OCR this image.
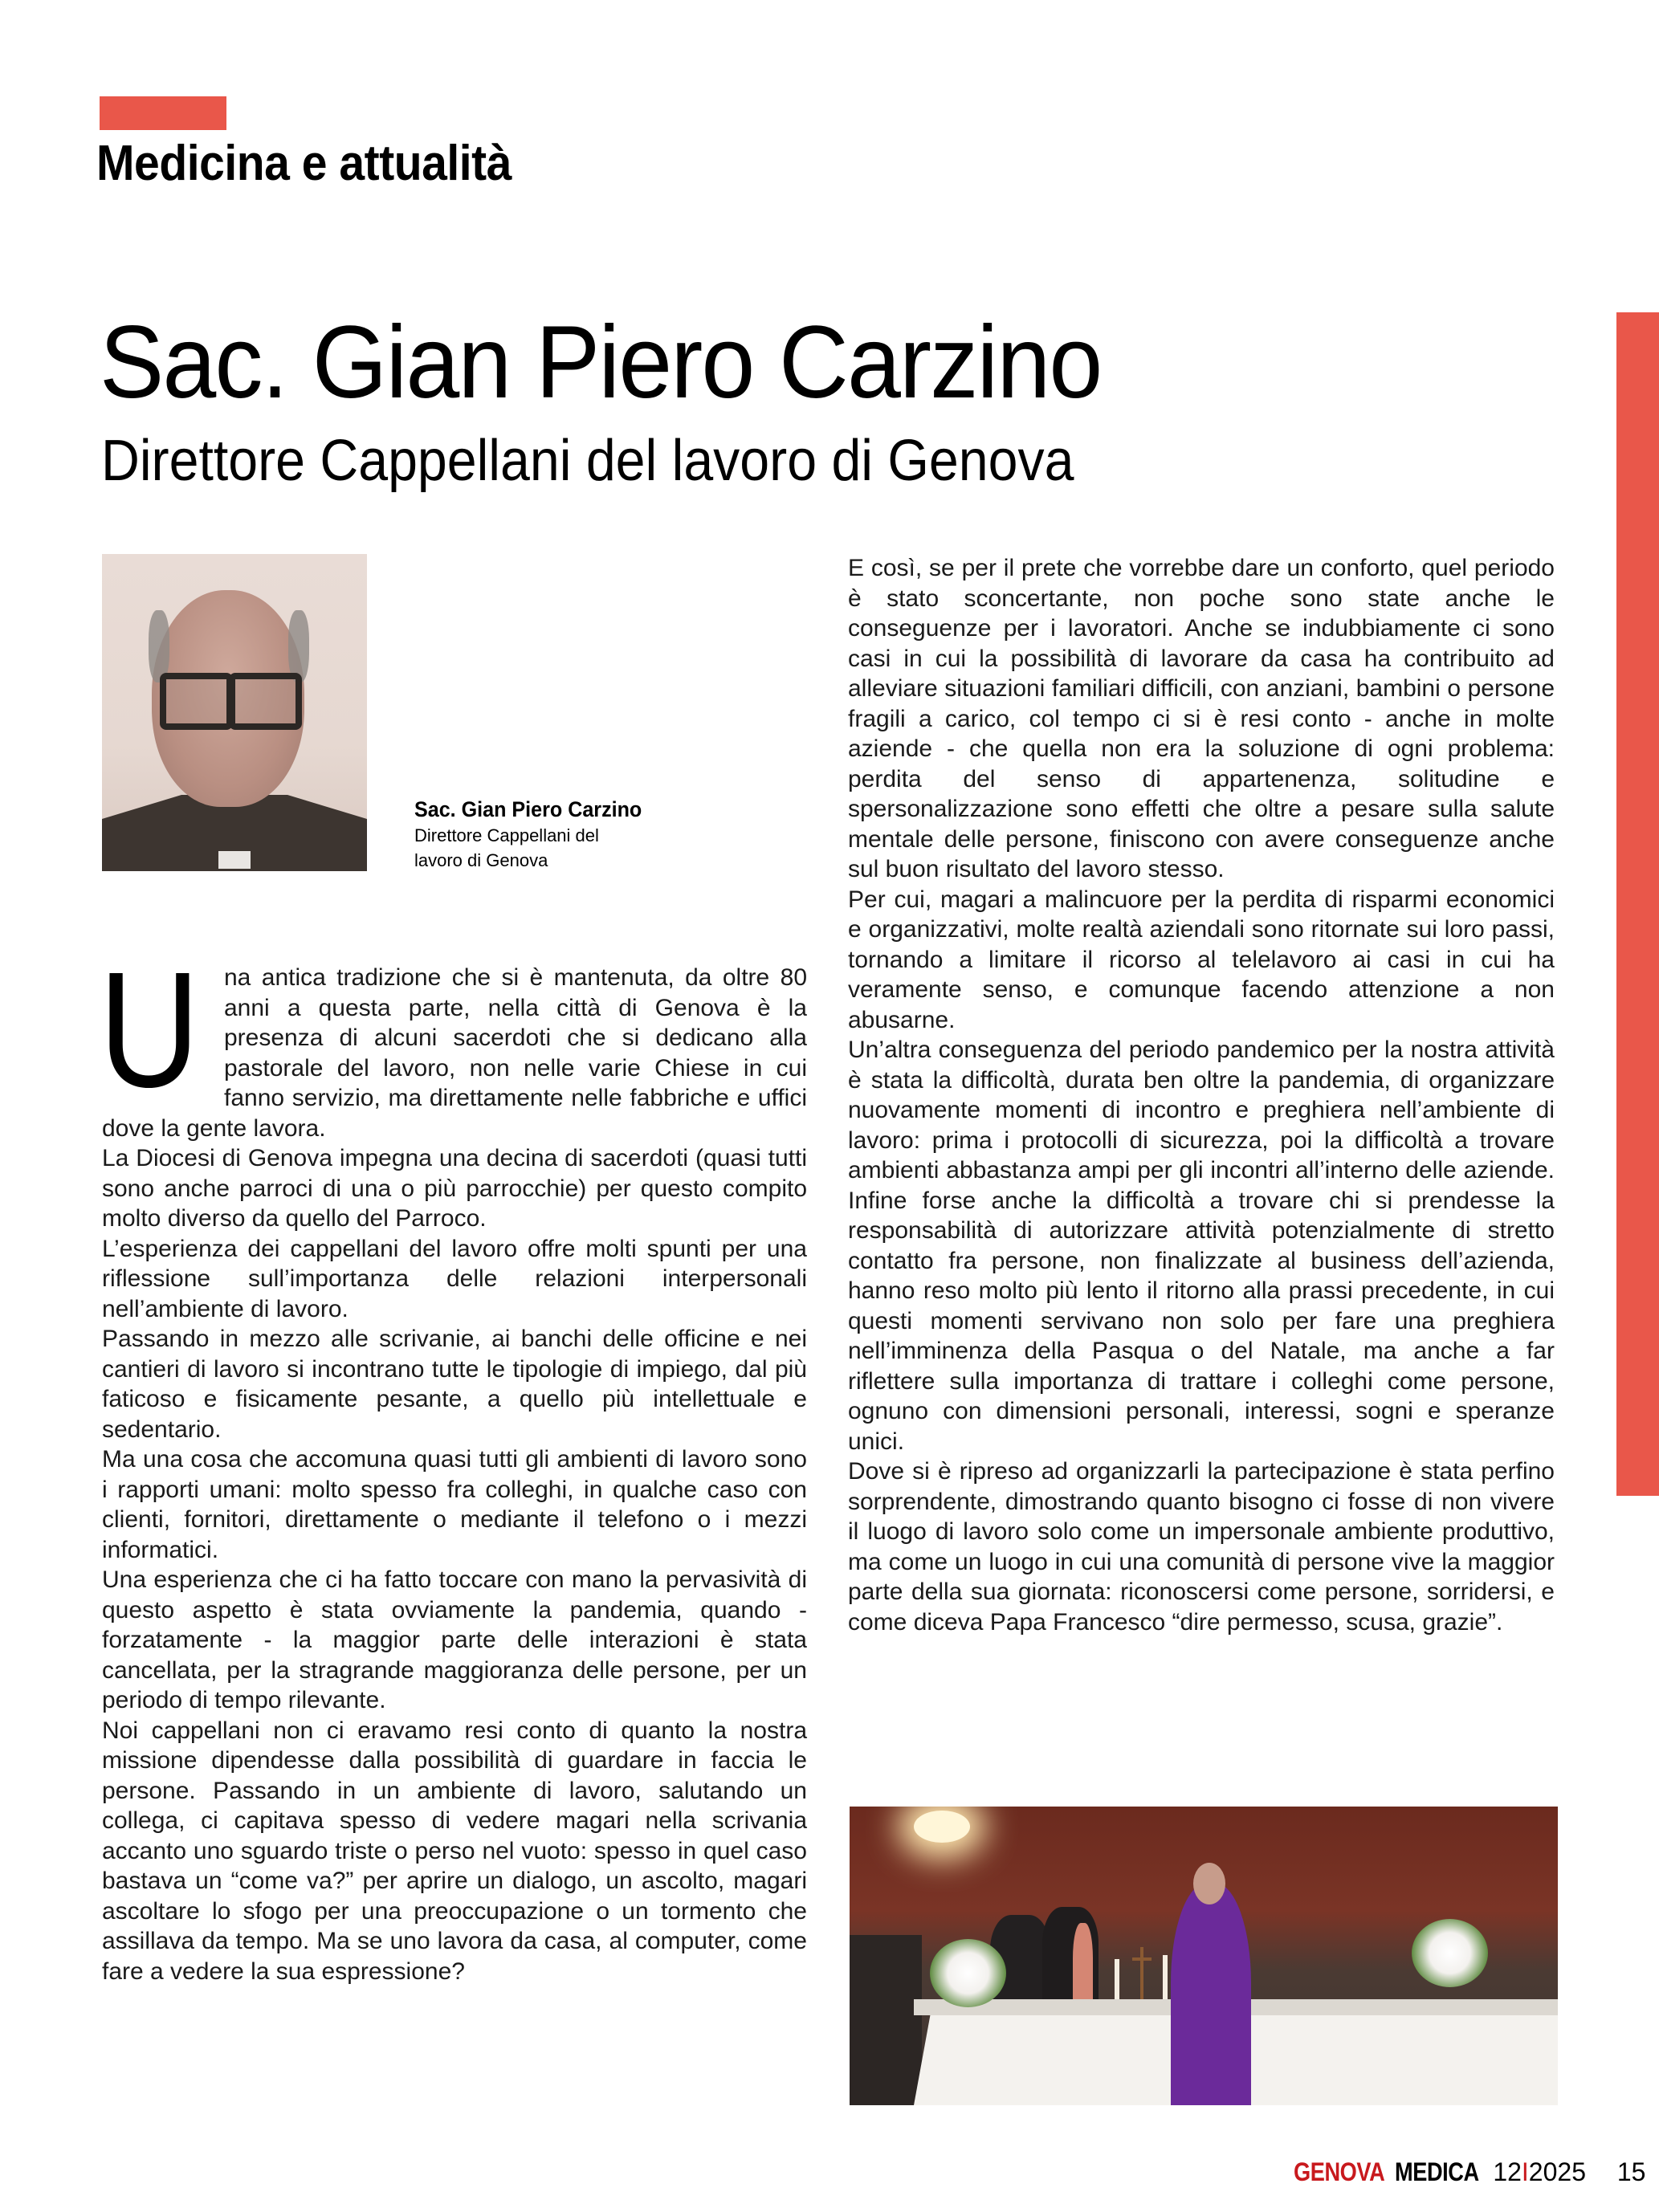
Medicina e attualità
Sac. Gian Piero Carzino
Direttore Cappellani del lavoro di Genova
Sac. Gian Piero Carzino
Direttore Cappellani del
lavoro di Genova
U	na antica tradizione che si è mantenuta, da oltre 80 anni a questa parte, nella città di Genova è la presenza di alcuni sacerdoti che si dedicano alla pastorale del lavoro, non nelle varie Chiese in cui fanno servizio, ma direttamente nelle fabbriche e uffici dove la gente lavora.

La Diocesi di Genova impegna una decina di sacerdoti (quasi tutti sono anche parroci di una o più parrocchie) per questo compito molto diverso da quello del Parroco.

L’esperienza dei cappellani del lavoro offre molti spunti per una riflessione sull’importanza delle relazioni interpersonali nell’ambiente di lavoro.

Passando in mezzo alle scrivanie, ai banchi delle officine e nei cantieri di lavoro si incontrano tutte le tipologie di impiego, dal più faticoso e fisicamente pesante, a quello più intellettuale e sedentario.

Ma una cosa che accomuna quasi tutti gli ambienti di lavoro sono i rapporti umani: molto spesso fra colleghi, in qualche caso con clienti, fornitori, direttamente o mediante il telefono o i mezzi informatici.

Una esperienza che ci ha fatto toccare con mano la pervasività di questo aspetto è stata ovviamente la pandemia, quando - forzatamente - la maggior parte delle interazioni è stata cancellata, per la stragrande maggioranza delle persone, per un periodo di tempo rilevante.

Noi cappellani non ci eravamo resi conto di quanto la nostra missione dipendesse dalla possibilità di guardare in faccia le persone. Passando in un ambiente di lavoro, salutando un collega, ci capitava spesso di vedere magari nella scrivania accanto uno sguardo triste o perso nel vuoto: spesso in quel caso bastava un “come va?” per aprire un dialogo, un ascolto, magari ascoltare lo sfogo per una preoccupazione o un tormento che assillava da tempo. Ma se uno lavora da casa, al computer, come fare a vedere la sua espressione?

E così, se per il prete che vorrebbe dare un conforto, quel periodo è stato sconcertante, non poche sono state anche le conseguenze per i lavoratori. Anche se indubbiamente ci sono casi in cui la possibilità di lavorare da casa ha contribuito ad alleviare situazioni familiari difficili, con anziani, bambini o persone fragili a carico, col tempo ci si è resi conto - anche in molte aziende - che quella non era la soluzione di ogni problema: perdita del senso di appartenenza, solitudine e spersonalizzazione sono effetti che oltre a pesare sulla salute mentale delle persone, finiscono con avere conseguenze anche sul buon risultato del lavoro stesso.

Per cui, magari a malincuore per la perdita di risparmi economici e organizzativi, molte realtà aziendali sono ritornate sui loro passi, tornando a limitare il ricorso al telelavoro ai casi in cui ha veramente senso, e comunque facendo attenzione a non abusarne.

Un’altra conseguenza del periodo pandemico per la nostra attività è stata la difficoltà, durata ben oltre la pandemia, di organizzare nuovamente momenti di incontro e preghiera nell’ambiente di lavoro: prima i protocolli di sicurezza, poi la difficoltà a trovare ambienti abbastanza ampi per gli incontri all’interno delle aziende. Infine forse anche la difficoltà a trovare chi si prendesse la responsabilità di autorizzare attività potenzialmente di stretto contatto fra persone, non finalizzate al business dell’azienda, hanno reso molto più lento il ritorno alla prassi precedente, in cui questi momenti servivano non solo per fare una preghiera nell’imminenza della Pasqua o del Natale, ma anche a far riflettere sulla importanza di trattare i colleghi come persone, ognuno con dimensioni personali, interessi, sogni e speranze unici.

Dove si è ripreso ad organizzarli la partecipazione è stata perfino sorprendente, dimostrando quanto bisogno ci fosse di non vivere il luogo di lavoro solo come un impersonale ambiente produttivo, ma come un luogo in cui una comunità di persone vive la maggior parte della sua giornata: riconoscersi come persone, sorridersi, e come diceva Papa Francesco “dire permesso, scusa, grazie”.

GENOVA MEDICA 12I2025 15
